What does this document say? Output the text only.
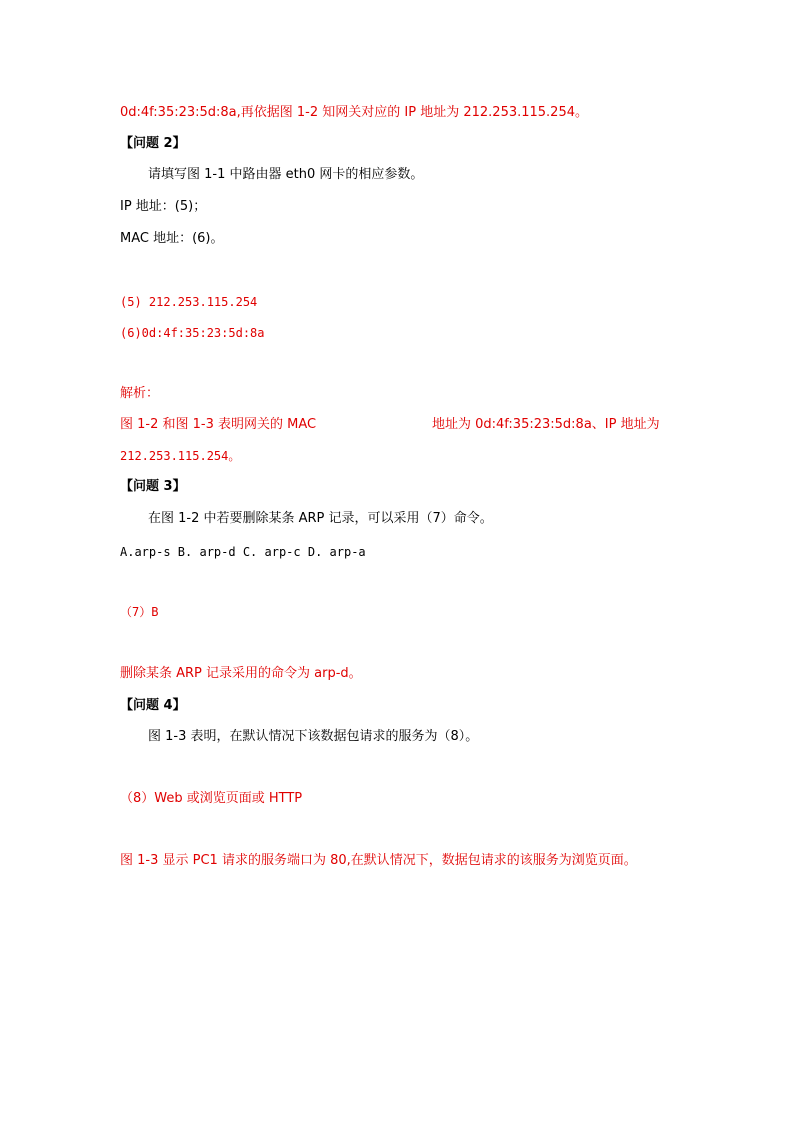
0d:4f:35:23:5d:8a,再依据图 1-2 知网关对应的 IP 地址为 212.253.115.254。
【问题 2】
请填写图 1-1 中路由器 eth0 网卡的相应参数。
IP 地址：(5)；
MAC 地址：(6)。
(5) 212.253.115.254
(6)0d:4f:35:23:5d:8a
解析：
图 1-2 和图 1-3 表明网关的 MAC	地址为 0d:4f:35:23:5d:8a、IP 地址为
212.253.115.254。
【问题 3】
在图 1-2 中若要删除某条 ARP 记录，可以采用（7）命令。
A.arp-s B. arp-d C. arp-c D. arp-a
（7）B
删除某条 ARP 记录采用的命令为 arp-d。
【问题 4】
图 1-3 表明，在默认情况下该数据包请求的服务为（8）。
（8）Web 或浏览页面或 HTTP
图 1-3 显示 PC1 请求的服务端口为 80,在默认情况下，数据包请求的该服务为浏览页面。
